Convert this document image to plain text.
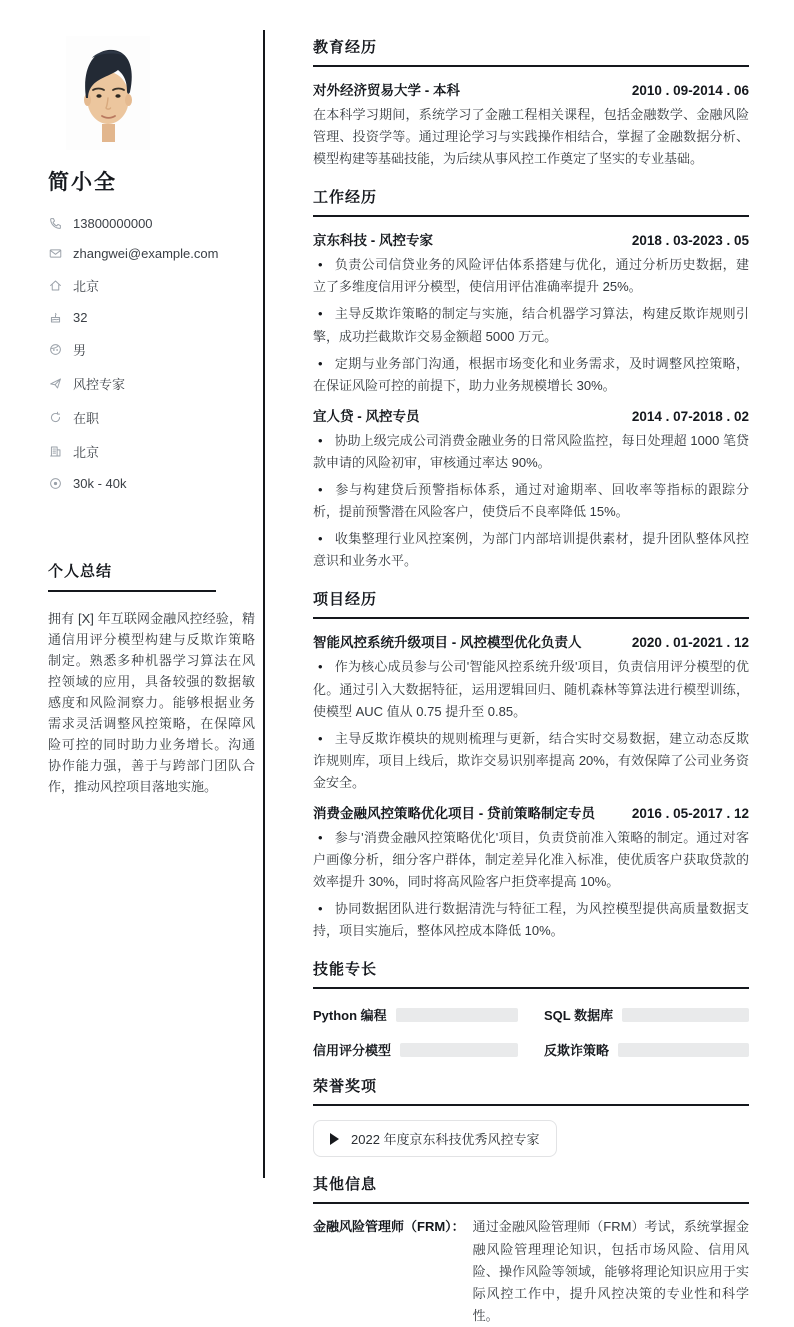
简小全
13800000000
zhangwei@example.com
北京
32
男
风控专家
在职
北京
30k - 40k
个人总结

拥有 [X] 年互联网金融风控经验，精通信用评分模型构建与反欺诈策略制定。熟悉多种机器学习算法在风控领域的应用，具备较强的数据敏感度和风险洞察力。能够根据业务需求灵活调整风控策略，在保障风险可控的同时助力业务增长。沟通协作能力强，善于与跨部门团队合作，推动风控项目落地实施。

教育经历
对外经济贸易大学 - 本科	2010 . 09-2014 . 06

在本科学习期间，系统学习了金融工程相关课程，包括金融数学、金融风险管理、投资学等。通过理论学习与实践操作相结合，掌握了金融数据分析、模型构建等基础技能，为后续从事风控工作奠定了坚实的专业基础。

工作经历
京东科技 - 风控专家	2018 . 03-2023 . 05

• 负责公司信贷业务的风险评估体系搭建与优化，通过分析历史数据，建立了多维度信用评分模型，使信用评估准确率提升 25%。

• 主导反欺诈策略的制定与实施，结合机器学习算法，构建反欺诈规则引擎，成功拦截欺诈交易金额超 5000 万元。

• 定期与业务部门沟通，根据市场变化和业务需求，及时调整风控策略，在保证风险可控的前提下，助力业务规模增长 30%。

宜人贷 - 风控专员	2014 . 07-2018 . 02

• 协助上级完成公司消费金融业务的日常风险监控，每日处理超 1000 笔贷款申请的风险初审，审核通过率达 90%。

• 参与构建贷后预警指标体系，通过对逾期率、回收率等指标的跟踪分析，提前预警潜在风险客户，使贷后不良率降低 15%。

• 收集整理行业风控案例，为部门内部培训提供素材，提升团队整体风控意识和业务水平。

项目经历
智能风控系统升级项目 - 风控模型优化负责人	2020 . 01-2021 . 12

• 作为核心成员参与公司'智能风控系统升级'项目，负责信用评分模型的优化。通过引入大数据特征，运用逻辑回归、随机森林等算法进行模型训练，使模型 AUC 值从 0.75 提升至 0.85。

• 主导反欺诈模块的规则梳理与更新，结合实时交易数据，建立动态反欺诈规则库，项目上线后，欺诈交易识别率提高 20%，有效保障了公司业务资金安全。

消费金融风控策略优化项目 - 贷前策略制定专员	2016 . 05-2017 . 12

• 参与'消费金融风控策略优化'项目，负责贷前准入策略的制定。通过对客户画像分析，细分客户群体，制定差异化准入标准，使优质客户获取贷款的效率提升 30%，同时将高风险客户拒贷率提高 10%。

• 协同数据团队进行数据清洗与特征工程，为风控模型提供高质量数据支持，项目实施后，整体风控成本降低 10%。

技能专长
Python 编程	SQL 数据库
信用评分模型	反欺诈策略
荣誉奖项
2022 年度京东科技优秀风控专家
其他信息
金融风险管理师（FRM）： 通过金融风险管理师（FRM）考试，系统掌握金融风险管理理论知识，包括市场风险、信用风险、操作风险等领域，能够将理论知识应用于实际风控工作中，提升风控决策的专业性和科学性。
